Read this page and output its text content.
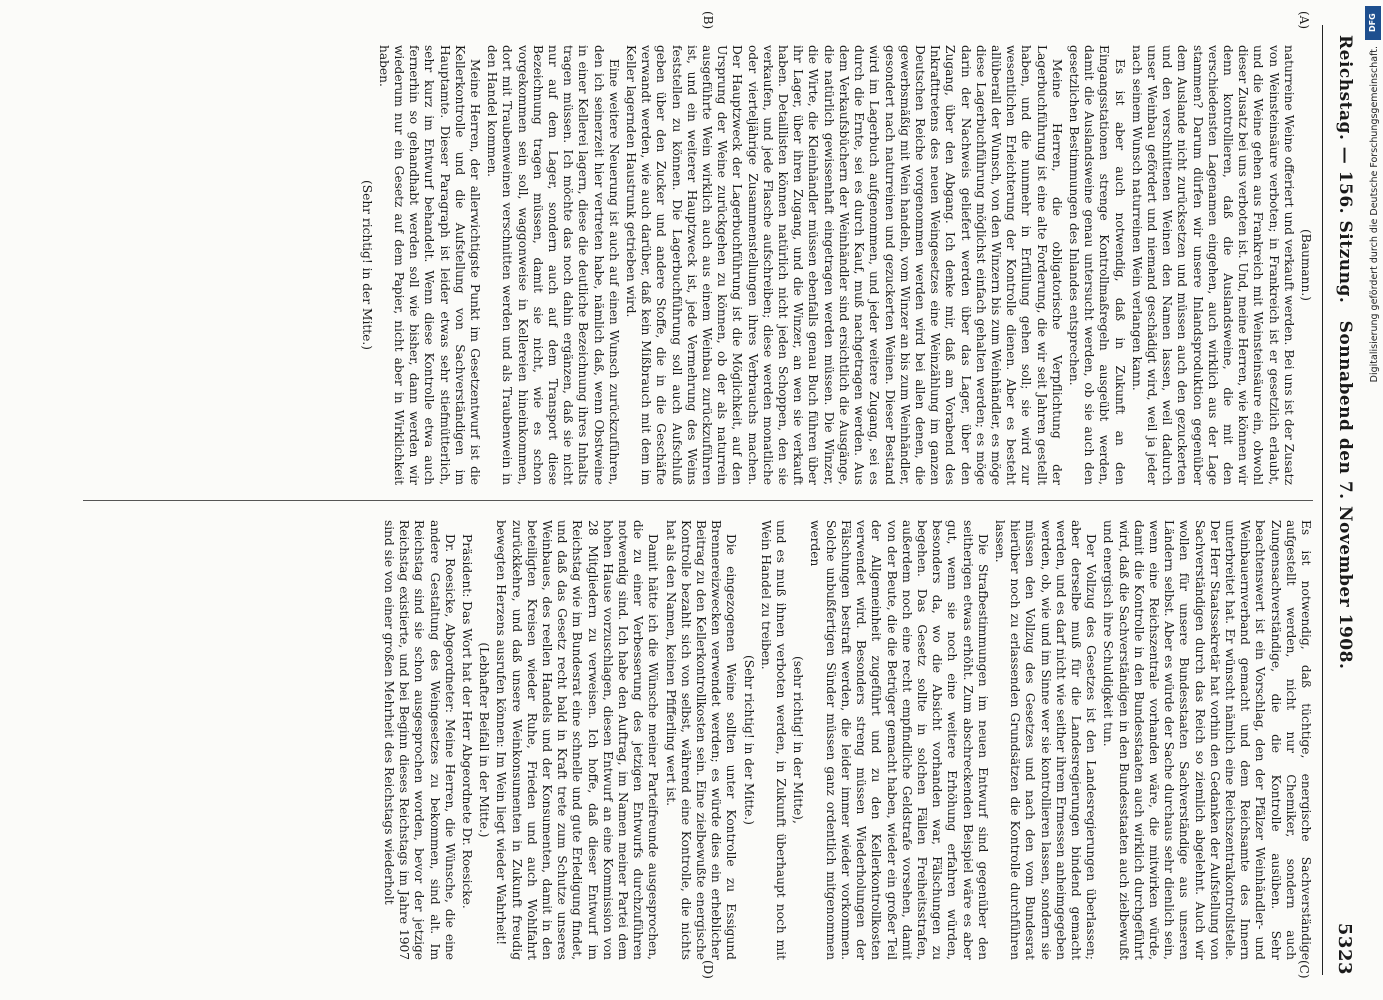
Reichstag. — 156. Sitzung.
Sonnabend den 7. November 1908.
5323
(A)
(B)
(C)
(D)

(Baumann.)

naturreine Weine offeriert und verkauft werden. Bei uns ist der Zusatz von Weinsteinsäure verboten; in Frankreich ist er gesetzlich erlaubt, und die Weine gehen aus Frankreich mit Weinsteinsäure ein, obwohl dieser Zusatz bei uns verboten ist. Und, meine Herren, wie können wir denn kontrollieren, daß die Auslandsweine, die mit den verschiedensten Lagenamen eingehen, auch wirklich aus der Lage stammen? Darum dürfen wir unsere Inlandsproduktion gegenüber dem Auslande nicht zurücksetzen und müssen auch den gezuckerten und den verschnittenen Weinen den Namen lassen, weil dadurch unser Weinbau gefördert und niemand geschädigt wird, weil ja jeder nach seinem Wunsch naturreinen Wein verlangen kann.

Es ist aber auch notwendig, daß in Zukunft an den Eingangsstationen strenge Kontrollmaßregeln ausgeübt werden, damit die Auslandsweine genau untersucht werden, ob sie auch den gesetzlichen Bestimmungen des Inlandes entsprechen.

Meine Herren, die obligatorische Verpflichtung der Lagerbuchführung ist eine alte Forderung, die wir seit Jahren gestellt haben, und die nunmehr in Erfüllung gehen soll; sie wird zur wesentlichen Erleichterung der Kontrolle dienen. Aber es besteht allüberall der Wunsch, von den Winzern bis zum Weinhändler, es möge diese Lagerbuchführung möglichst einfach gehalten werden; es möge darin der Nachweis geliefert werden über das Lager, über den Zugang, über den Abgang. Ich denke mir, daß am Vorabend des Inkrafttretens des neuen Weingesetzes eine Weinzählung im ganzen Deutschen Reiche vorgenommen werden wird bei allen denen, die gewerbsmäßig mit Wein handeln, vom Winzer an bis zum Weinhändler, gesondert nach naturreinen und gezuckerten Weinen. Dieser Bestand wird im Lagerbuch aufgenommen, und jeder weitere Zugang, sei es durch die Ernte, sei es durch Kauf, muß nachgetragen werden. Aus dem Verkaufsbüchern der Weinhändler sind ersichtlich die Ausgänge, die natürlich gewissenhaft eingetragen werden müssen. Die Winzer, die Wirte, die Kleinhändler müssen ebenfalls genau Buch führen über ihr Lager, über ihren Zugang, und die Winzer, an wen sie verkauft haben. Detaillisten können natürlich nicht jeden Schoppen, den sie verkaufen, und jede Flasche aufschreiben; diese werden monatliche oder vierteljährige Zusammenstellungen ihres Verbrauchs machen. Der Hauptzweck der Lagerbuchführung ist die Möglichkeit, auf den Ursprung der Weine zurückgehen zu können, ob der als naturrein ausgeführte Wein wirklich auch aus einem Weinbau zurückzuführen ist, und ein weiterer Hauptzweck ist, jede Vermehrung des Weins feststellen zu können. Die Lagerbuchführung soll auch Aufschluß geben über den Zucker und andere Stoffe, die in die Geschäfte verwandt werden, wie auch darüber, daß kein Mißbrauch mit dem im Keller lagernden Haustrunk getrieben wird.

Eine weitere Neuerung ist auch auf einen Wunsch zurückzuführen, den ich seinerzeit hier vertreten habe, nämlich daß, wenn Obstweine in einer Kellerei lagern, diese die deutliche Bezeichnung ihres Inhalts tragen müssen. Ich möchte das noch dahin ergänzen, daß sie nicht nur auf dem Lager, sondern auch auf dem Transport diese Bezeichnung tragen müssen, damit sie nicht, wie es schon vorgekommen sein soll, waggonweise in Kellereien hineinkommen, dort mit Traubenweinen verschnitten werden und als Traubenwein in den Handel kommen.

Meine Herren, der allerwichtigste Punkt im Gesetzentwurf ist die Kellerkontrolle und die Aufstellung von Sachverständigen im Hauptamte. Dieser Paragraph ist leider etwas sehr stiefmütterlich, sehr kurz im Entwurf behandelt. Wenn diese Kontrolle etwa auch fernerhin so gehandhabt werden soll wie bisher, dann werden wir wiederum nur ein Gesetz auf dem Papier, nicht aber in Wirklichkeit haben.

(Sehr richtig! in der Mitte.)

Es ist notwendig, daß tüchtige, energische Sachverständige aufgestellt werden, nicht nur Chemiker, sondern auch Zungensachverständige, die die Kontrolle ausüben. Sehr beachtenswert ist ein Vorschlag, den der Pfälzer Weinhändler- und Weinbauernverband gemacht und dem Reichsamte des Innern unterbreitet hat. Er wünscht nämlich eine Reichszentralkontrollstelle. Der Herr Staatssekretär hat vorhin den Gedanken der Aufstellung von Sachverständigen durch das Reich so ziemlich abgelehnt. Auch wir wollen für unsere Bundesstaaten Sachverständige aus unseren Ländern selbst. Aber es würde der Sache durchaus sehr dienlich sein, wenn eine Reichszentrale vorhanden wäre, die mitwirken würde, damit die Kontrolle in den Bundesstaaten auch wirklich durchgeführt wird, daß die Sachverständigen in den Bundesstaaten auch zielbewußt und energisch ihre Schuldigkeit tun.

Der Vollzug des Gesetzes ist den Landesregierungen überlassen; aber derselbe muß für die Landesregierungen bindend gemacht werden, und es darf nicht wie seither ihrem Ermessen anheimgegeben werden, ob, wie und im Sinne wer sie kontrollieren lassen, sondern sie müssen den Vollzug des Gesetzes und nach den vom Bundesrat hierüber noch zu erlassenden Grundsätzen die Kontrolle durchführen lassen.

Die Strafbestimmungen im neuen Entwurf sind gegenüber den seitherigen etwas erhöht. Zum abschreckenden Beispiel wäre es aber gut, wenn sie noch eine weitere Erhöhung erfahren würden, besonders da, wo die Absicht vorhanden war, Fälschungen zu begehen. Das Gesetz sollte in solchen Fällen Freiheitsstrafen, außerdem noch eine recht empfindliche Geldstrafe vorsehen, damit von der Beute, die die Betrüger gemacht haben, wieder ein großer Teil der Allgemeinheit zugeführt und zu den Kellerkontrollkosten verwendet wird. Besonders streng müssen Wiederholungen der Fälschungen bestraft werden, die leider immer wieder vorkommen. Solche unbußfertigen Sünder müssen ganz ordentlich mitgenommen werden

(sehr richtig! in der Mitte),

und es muß ihnen verboten werden, in Zukunft überhaupt noch mit Wein Handel zu treiben.

(Sehr richtig! in der Mitte.)

Die eingezogenen Weine sollten unter Kontrolle zu Essigund Brennereizwecken verwendet werden; es würde dies ein erheblicher Beitrag zu den Kellerkontrollkosten sein. Eine zielbewußte energische Kontrolle bezahlt sich von selbst, während eine Kontrolle, die nichts hat als den Namen, keinen Pfifferling wert ist.

Damit hätte ich die Wünsche meiner Parteifreunde ausgesprochen, die zu einer Verbesserung des jetzigen Entwurfs durchzuführen notwendig sind. Ich habe den Auftrag, im Namen meiner Partei dem hohen Hause vorzuschlagen, diesen Entwurf an eine Kommission von 28 Mitgliedern zu verweisen. Ich hoffe, daß dieser Entwurf im Reichstag wie im Bundesrat eine schnelle und gute Erledigung findet, und daß das Gesetz recht bald in Kraft trete zum Schutze unseres Weinbaues, des reellen Handels und der Konsumenten, damit in den beteiligten Kreisen wieder Ruhe, Frieden und auch Wohlfahrt zurückkehre, und daß unsere Weinkonsumenten in Zukunft freudig bewegten Herzens ausrufen können: Im Wein liegt wieder Wahrheit!

(Lebhafter Beifall in der Mitte.)

Präsident: Das Wort hat der Herr Abgeordnete Dr. Roesicke.

Dr. Roesicke, Abgeordneter: Meine Herren, die Wünsche, die eine andere Gestaltung des Weingesetzes zu bekommen, sind alt. Im Reichstag sind sie schon ausgesprochen worden, bevor der jetzige Reichstag existierte, und bei Beginn dieses Reichstags im Jahre 1907 sind sie von einer großen Mehrheit des Reichstags wiederholt

DFG
Digitalisierung gefördert durch die Deutsche Forschungsgemeinschaft.
